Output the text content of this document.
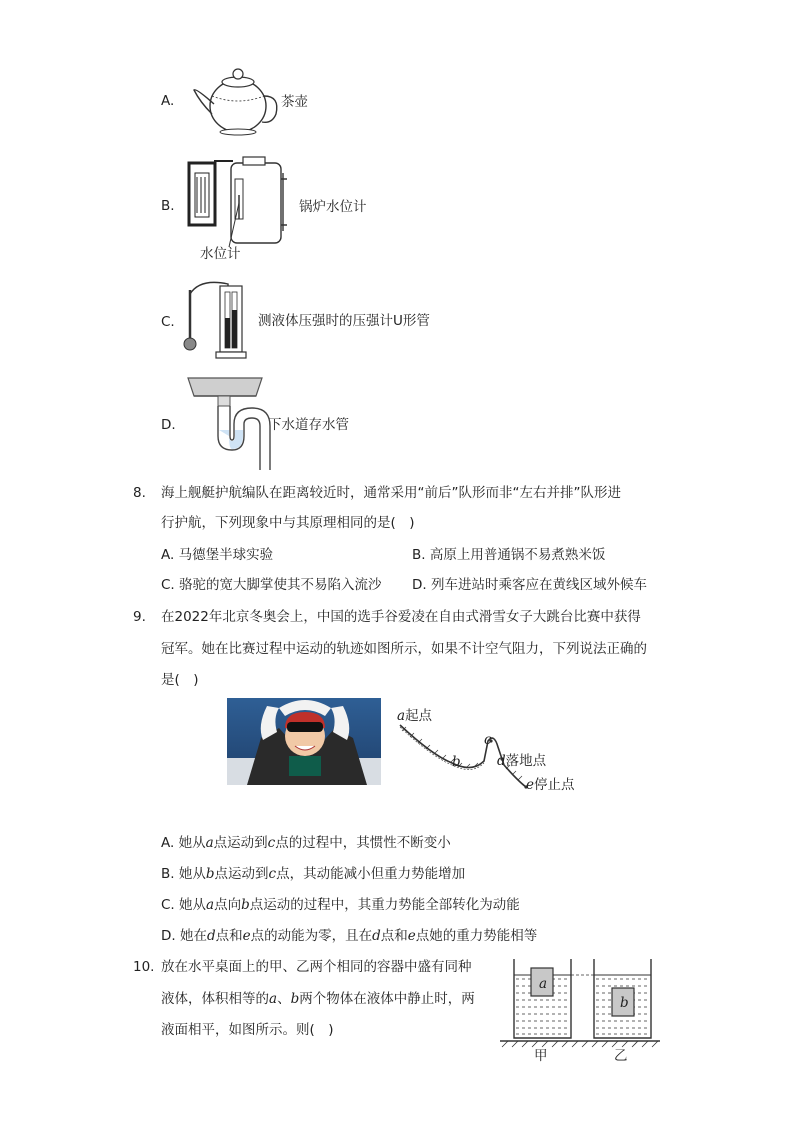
A.	茶壶
B.	锅炉水位计
水位计
C.	测液体压强时的压强计U形管
D.	下水道存水管
8. 海上舰艇护航编队在距离较近时，通常采用“前后”队形而非“左右并排”队形进
行护航，下列现象中与其原理相同的是(　)
A. 马德堡半球实验	B. 高原上用普通锅不易煮熟米饭
C. 骆驼的宽大脚掌使其不易陷入流沙 D. 列车进站时乘客应在黄线区域外候车
9. 在2022年北京冬奥会上，中国的选手谷爱凌在自由式滑雪女子大跳台比赛中获得
冠军。她在比赛过程中运动的轨迹如图所示，如果不计空气阻力，下列说法正确的
是(　)
a起点
b
c
d落地点
e停止点
A. 她从a点运动到c点的过程中，其惯性不断变小
B. 她从b点运动到c点，其动能减小但重力势能增加
C. 她从a点向b点运动的过程中，其重力势能全部转化为动能
D. 她在d点和e点的动能为零，且在d点和e点她的重力势能相等
10. 放在水平桌面上的甲、乙两个相同的容器中盛有同种
液体，体积相等的a、b两个物体在液体中静止时，两
液面相平，如图所示。则(　)
a
b
甲	乙
